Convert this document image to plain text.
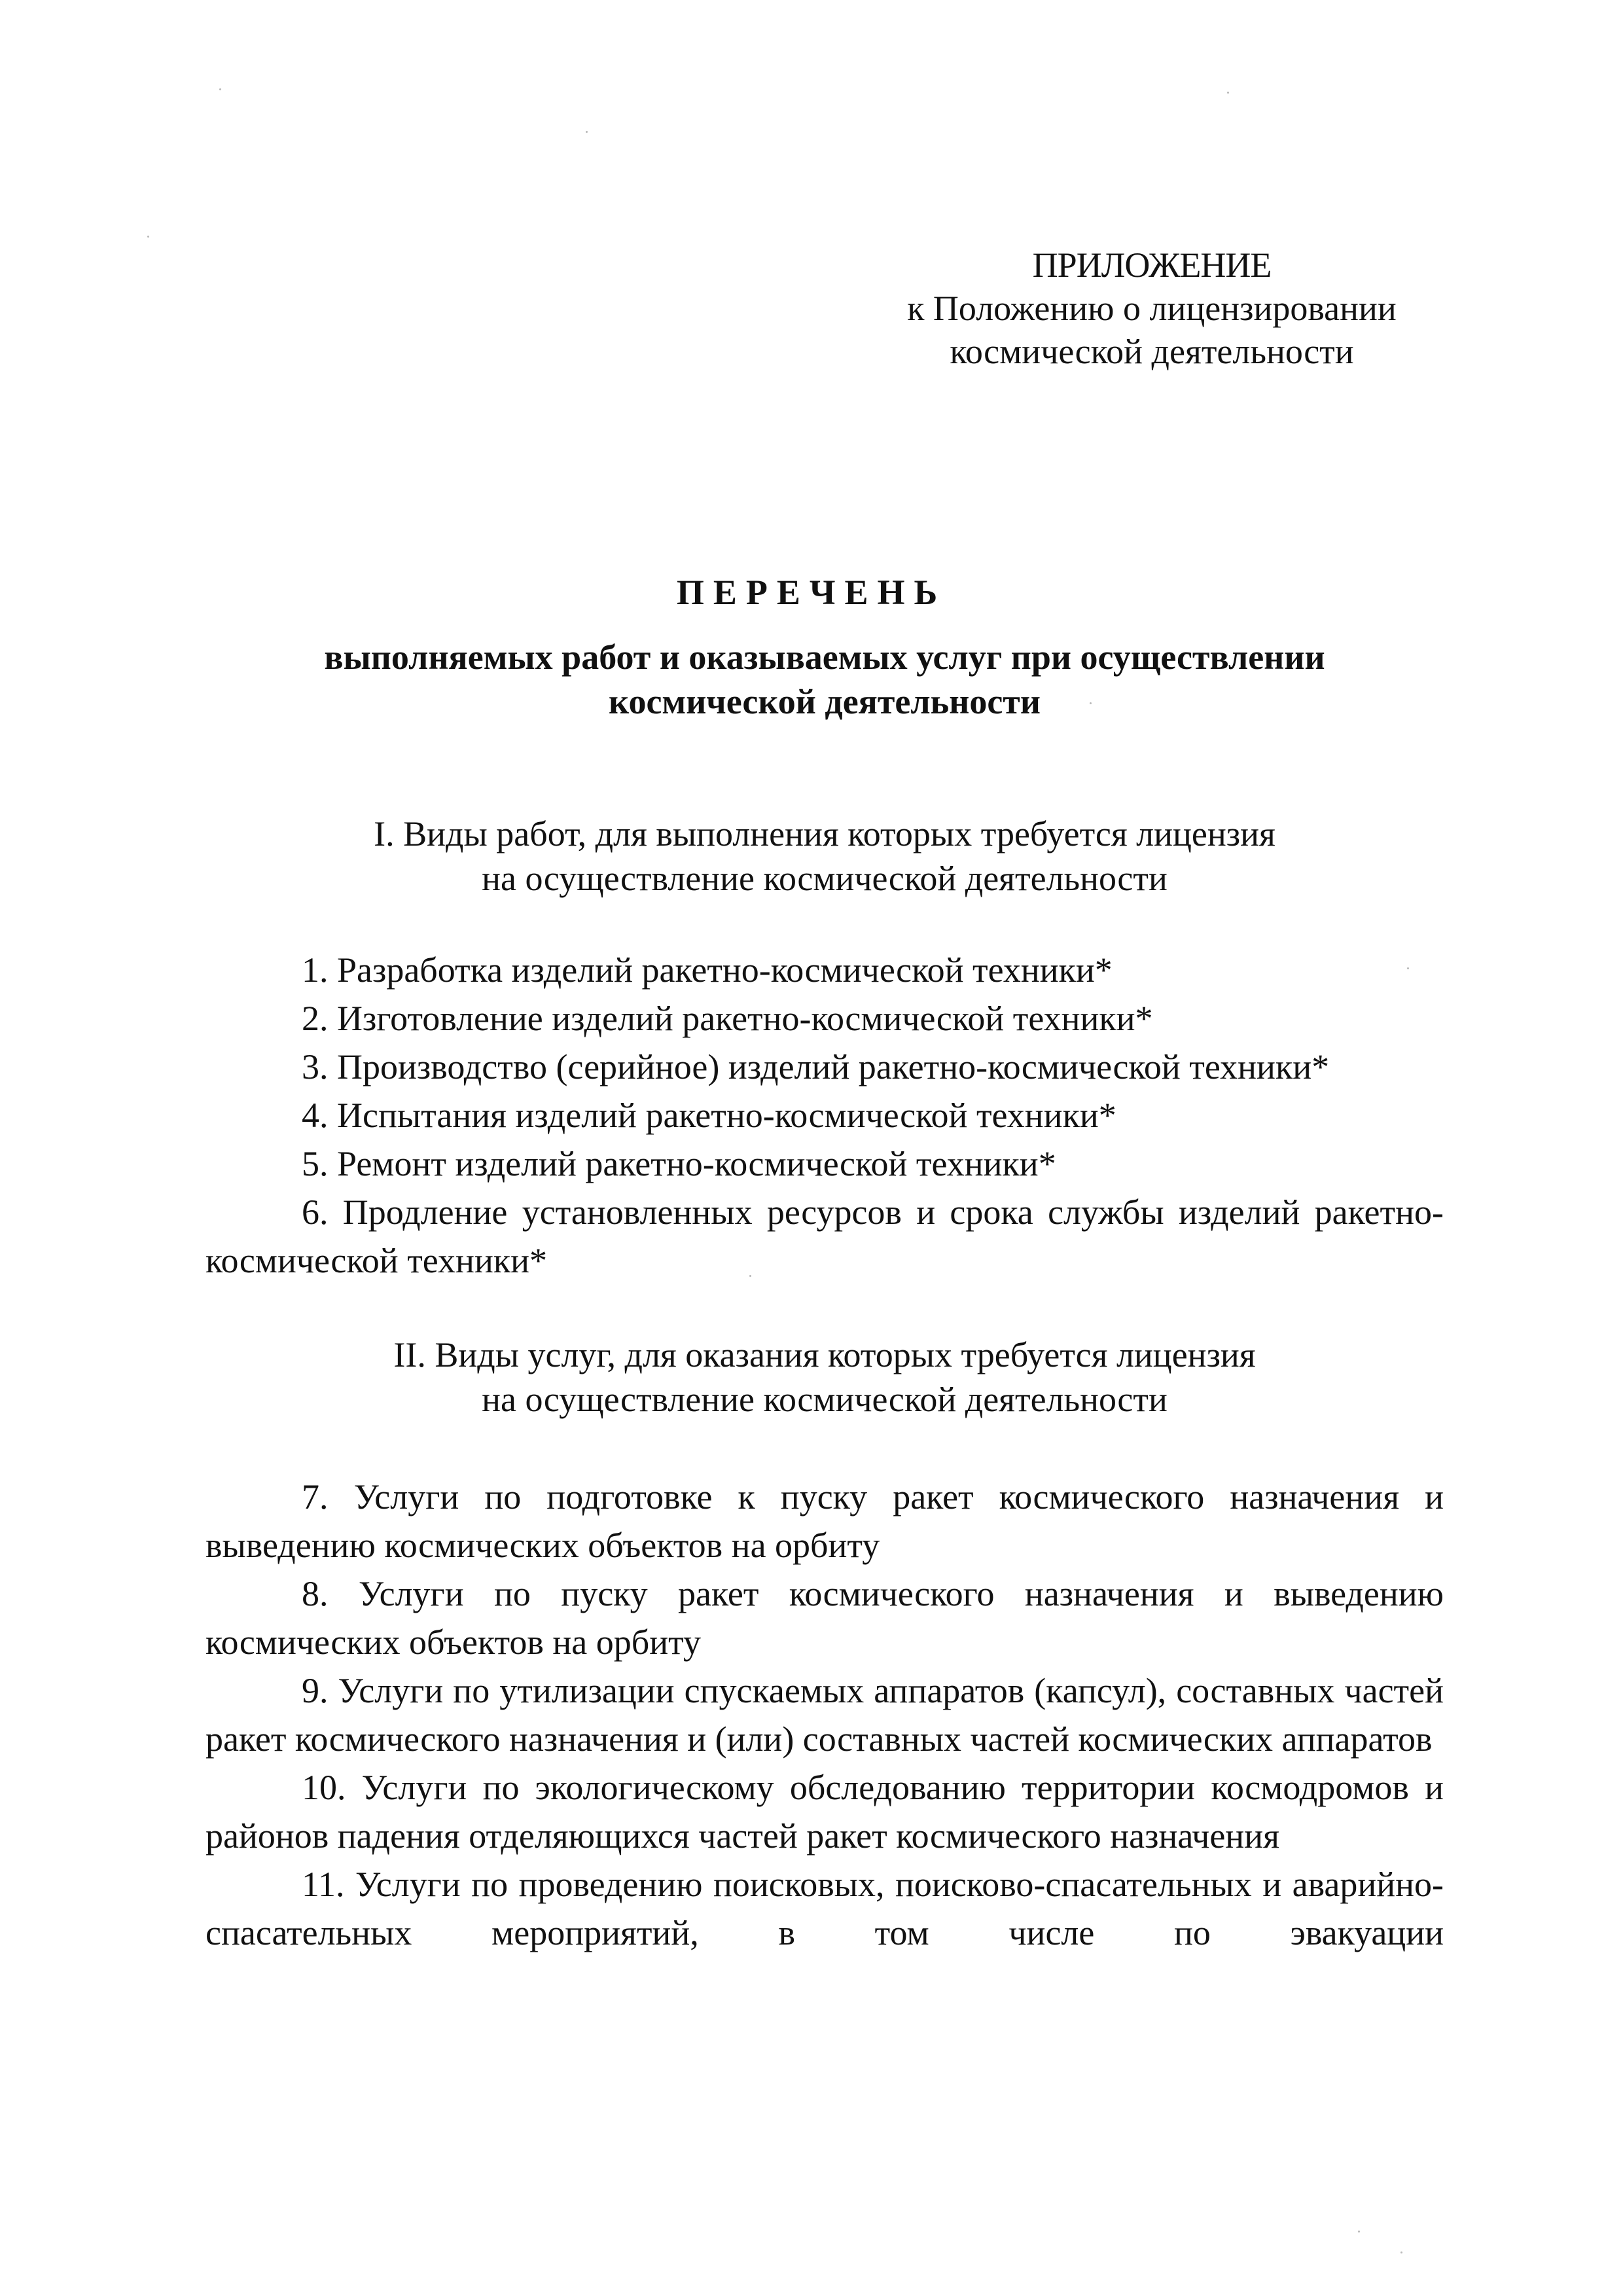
ПРИЛОЖЕНИЕ
к Положению о лицензировании
космической деятельности
ПЕРЕЧЕНЬ
выполняемых работ и оказываемых услуг при осуществлении
космической деятельности
I. Виды работ, для выполнения которых требуется лицензия
на осуществление космической деятельности

1. Разработка изделий ракетно-космической техники*

2. Изготовление изделий ракетно-космической техники*

3. Производство (серийное) изделий ракетно-космической техники*

4. Испытания изделий ракетно-космической техники*

5. Ремонт изделий ракетно-космической техники*

6. Продление установленных ресурсов и срока службы изделий ракетно-космической техники*

II. Виды услуг, для оказания которых требуется лицензия
на осуществление космической деятельности

7. Услуги по подготовке к пуску ракет космического назначения и выведению космических объектов на орбиту

8. Услуги по пуску ракет космического назначения и выведению космических объектов на орбиту

9. Услуги по утилизации спускаемых аппаратов (капсул), составных частей ракет космического назначения и (или) составных частей космических аппаратов

10. Услуги по экологическому обследованию территории космодромов и районов падения отделяющихся частей ракет космического назначения

11. Услуги по проведению поисковых, поисково-спасательных и аварийно-спасательных мероприятий, в том числе по эвакуации
